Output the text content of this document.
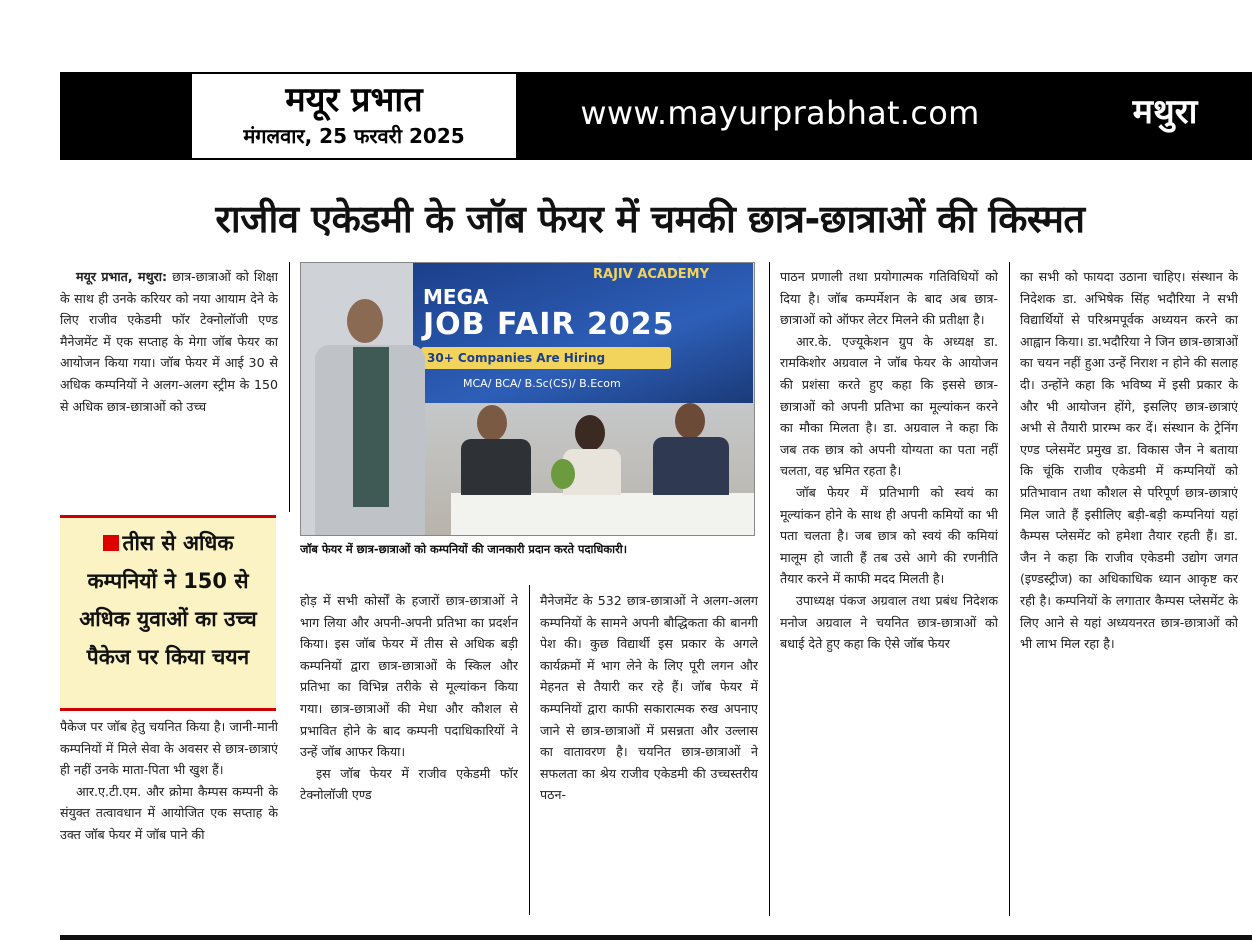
मयूर प्रभात
मंगलवार, 25 फरवरी 2025
www.mayurprabhat.com	मथुरा
राजीव एकेडमी के जॉब फेयर में चमकी छात्र-छात्राओं की किस्मत

मयूर प्रभात, मथुरा: छात्र-छात्राओं को शिक्षा के साथ ही उनके करियर को नया आयाम देने के लिए राजीव एकेडमी फॉर टेक्नोलॉजी एण्ड मैनेजमेंट में एक सप्ताह के मेगा जॉब फेयर का आयोजन किया गया। जॉब फेयर में आई 30 से अधिक कम्पनियों ने अलग-अलग स्ट्रीम के 150 से अधिक छात्र-छात्राओं को उच्च

तीस से अधिक कम्पनियों ने 150 से अधिक युवाओं का उच्च पैकेज पर किया चयन

पैकेज पर जॉब हेतु चयनित किया है। जानी-मानी कम्पनियों में मिले सेवा के अवसर से छात्र-छात्राएं ही नहीं उनके माता-पिता भी खुश हैं।

आर.ए.टी.एम. और क्रोमा कैम्पस कम्पनी के संयुक्त तत्वावधान में आयोजित एक सप्ताह के उक्त जॉब फेयर में जॉब पाने की

RAJIV ACADEMY
MEGA
JOB FAIR 2025
30+ Companies Are Hiring
MCA/ BCA/ B.Sc(CS)/ B.Ecom
जॉब फेयर में छात्र-छात्राओं को कम्पनियों की जानकारी प्रदान करते पदाधिकारी।

होड़ में सभी कोर्सों के हजारों छात्र-छात्राओं ने भाग लिया और अपनी-अपनी प्रतिभा का प्रदर्शन किया। इस जॉब फेयर में तीस से अधिक बड़ी कम्पनियों द्वारा छात्र-छात्राओं के स्किल और प्रतिभा का विभिन्न तरीके से मूल्यांकन किया गया। छात्र-छात्राओं की मेधा और कौशल से प्रभावित होने के बाद कम्पनी पदाधिकारियों ने उन्हें जॉब आफर किया।

इस जॉब फेयर में राजीव एकेडमी फॉर टेक्नोलॉजी एण्ड

मैनेजमेंट के 532 छात्र-छात्राओं ने अलग-अलग कम्पनियों के सामने अपनी बौद्धिकता की बानगी पेश की। कुछ विद्यार्थी इस प्रकार के अगले कार्यक्रमों में भाग लेने के लिए पूरी लगन और मेहनत से तैयारी कर रहे हैं। जॉब फेयर में कम्पनियों द्वारा काफी सकारात्मक रुख अपनाए जाने से छात्र-छात्राओं में प्रसन्नता और उल्लास का वातावरण है। चयनित छात्र-छात्राओं ने सफलता का श्रेय राजीव एकेडमी की उच्चस्तरीय पठन-

पाठन प्रणाली तथा प्रयोगात्मक गतिविधियों को दिया है। जॉब कम्पर्मेशन के बाद अब छात्र-छात्राओं को ऑफर लेटर मिलने की प्रतीक्षा है।

आर.के. एज्यूकेशन ग्रुप के अध्यक्ष डा. रामकिशोर अग्रवाल ने जॉब फेयर के आयोजन की प्रशंसा करते हुए कहा कि इससे छात्र-छात्राओं को अपनी प्रतिभा का मूल्यांकन करने का मौका मिलता है। डा. अग्रवाल ने कहा कि जब तक छात्र को अपनी योग्यता का पता नहीं चलता, वह भ्रमित रहता है।

जॉब फेयर में प्रतिभागी को स्वयं का मूल्यांकन होने के साथ ही अपनी कमियों का भी पता चलता है। जब छात्र को स्वयं की कमियां मालूम हो जाती हैं तब उसे आगे की रणनीति तैयार करने में काफी मदद मिलती है।

उपाध्यक्ष पंकज अग्रवाल तथा प्रबंध निदेशक मनोज अग्रवाल ने चयनित छात्र-छात्राओं को बधाई देते हुए कहा कि ऐसे जॉब फेयर

का सभी को फायदा उठाना चाहिए। संस्थान के निदेशक डा. अभिषेक सिंह भदौरिया ने सभी विद्यार्थियों से परिश्रमपूर्वक अध्ययन करने का आह्वान किया। डा.भदौरिया ने जिन छात्र-छात्राओं का चयन नहीं हुआ उन्हें निराश न होने की सलाह दी। उन्होंने कहा कि भविष्य में इसी प्रकार के और भी आयोजन होंगे, इसलिए छात्र-छात्राएं अभी से तैयारी प्रारम्भ कर दें। संस्थान के ट्रेनिंग एण्ड प्लेसमेंट प्रमुख डा. विकास जैन ने बताया कि चूंकि राजीव एकेडमी में कम्पनियों को प्रतिभावान तथा कौशल से परिपूर्ण छात्र-छात्राएं मिल जाते हैं इसीलिए बड़ी-बड़ी कम्पनियां यहां कैम्पस प्लेसमेंट को हमेशा तैयार रहती हैं। डा. जैन ने कहा कि राजीव एकेडमी उद्योग जगत (इण्डस्ट्रीज) का अधिकाधिक ध्यान आकृष्ट कर रही है। कम्पनियों के लगातार कैम्पस प्लेसमेंट के लिए आने से यहां अध्ययनरत छात्र-छात्राओं को भी लाभ मिल रहा है।
